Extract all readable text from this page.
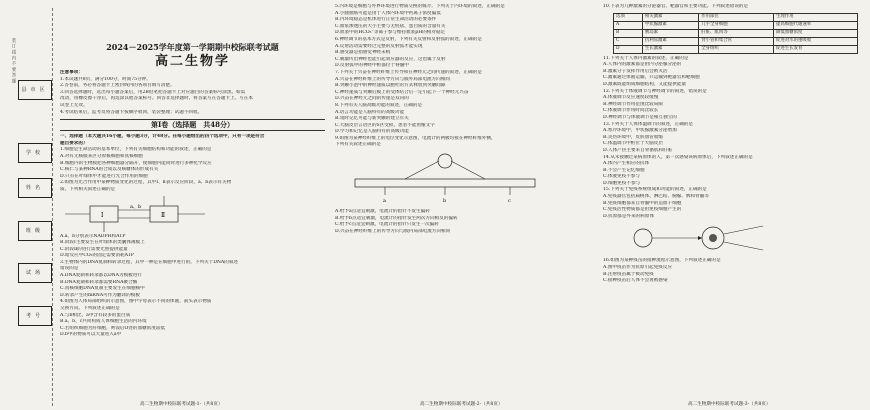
装 订 线 内 不 要 答 题
县市区
学校
姓名
班级
试场
考号

2024－2025学年度第一学期期中校际联考试题

高二生物学

注意事项：

1.本试题共8页，满分100分，时间75分钟。

2.答卷前，务必将答题卡上密封线内的各项目填写清楚。

3.回答选择题时，选出每小题答案后，用2B铅笔把答题卡上对应题目的答案标号涂黑。如需

改动，用橡皮擦干净后，再选涂其他答案标号。回答非选择题时，将答案写在答题卡上。写在本

试卷上无效。

4.考试结束后，监考员将答题卡按顺序收回，装袋整理；试题不回收。

第Ⅰ卷（选择题　共48分）

一、选择题（本大题共16小题，每小题3分，计48分。在每小题给出的四个选项中，只有一项是符合

题目要求的）

1.细胞是生命活动的基本单位，下列有关细胞结构和功能的叙述，正确的是

A.对有无核膜来区分原核细胞和真核细胞

B.细胞内的生物膜把各种细胞器分隔开，使细胞内能同时进行多种化学反应

C.核仁与某种RNA的合成以及核糖体的形成有关

D.只有在叶绿体中才能进行光合作用的细胞

2.如图为光合作用中某种物质变化的过程，其中Ⅰ、Ⅱ表示反应阶段，a、b表示有关物

质。下列相关叙述正确的是

Ⅰ	Ⅱ
a、b

A.a、b分别表示NADPH和ATP

B.阶段Ⅰ主要发生在叶绿体的类囊体薄膜上

C.阶段Ⅱ的进行需要光照提供能量

D.暗反应中CO₂的固定需要消耗ATP

3.生物体内的DNA复制和转录过程，其中一种是在细胞中进行的。下列关于DNA的叙述

错误的是

A.DNA复制和转录都以DNA为模板进行

B.DNA复制和转录都需要RNA聚合酶

C.真核细胞DNA复制主要发生在细胞核中

D.转录产生的mRNA可作为翻译的模板

4.如图为人体局部组织的示意图，图中字母表示不同的体液，箭头表示物质

交换方向。下列叙述正确的是

A.与b相比，a中含有较多的蛋白质

B.a、b、c共同构成人体细胞生活的内环境

C.若组织细胞为肝细胞，则饭后O处的血糖浓度较低

D.b中的物质可以大量进入a中

高二生物期中校际联考试题-1-（共8页）

5.内环境是细胞与外界环境进行物质交换的媒介。下列关于内环境的叙述，正确的是

A.小腿抽筋可能是由于人体内环境中钙离子浓度偏低

B.内环境稳态是机体进行正常生命活动的必要条件

C.血浆渗透压的大小主要与无机盐、蛋白质的含量有关

D.血浆中的HCO₃⁻等离子参与维持血浆pH的相对稳定

6.神经调节的基本方式是反射，下列有关反射和反射弧的叙述，正确的是

A.反射活动需要经过完整的反射弧才能实现

B.感受器是指感觉神经末梢

C.刺激传出神经也能引起效应器的反应，这也属于反射

D.反射弧中的神经中枢都位于脊髓中

7.下列关于兴奋在神经纤维上传导和在神经元之间传递的叙述，正确的是

A.兴奋在神经纤维上的传导方向与膜外局部电流方向相同

B.突触小泡中的神经递质以胞吐的方式释放到突触间隙

C.神经递质与突触后膜上的受体结合后一定引起下一个神经元兴奋

D.兴奋在神经元之间的传递是双向的

8.下列有关人脑高级功能的叙述，正确的是

A.语言功能是人脑特有的高级功能

B.短时记忆可能与新突触的建立有关

C.大脑皮层言语区的S区受损，患者不能看懂文字

D.学习和记忆是人脑特有的高级功能

9.如图为某神经纤维上的电位变化示意图，电流计的两极均接在神经纤维外侧，

下列有关叙述正确的是

a	b	c

A.给予a点适宜刺激，电流计的指针不发生偏转

B.给予b点适宜刺激，电流计的指针发生两次方向相反的偏转

C.给予c点适宜刺激，电流计的指针只发生一次偏转

D.兴奋在神经纤维上的传导方向与膜内局部电流方向相同

高二生物期中校际联考试题-2-（共8页）

10.下表为几种激素的分泌器官、靶器官和主要功能。下列叙述错误的是

选项	相关激素	作用部位	生理作用
A	甲状腺激素	几乎全身细胞	提高细胞代谢速率
B	胰岛素	肝脏、肌肉等	降低血糖浓度
C	抗利尿激素	肾小管和集合管	促进对水的重吸收
D	生长激素	全身组织	促进生长发育

11.下列关于人体内激素的叙述，正确的是

A.人体内的激素都是由内分泌腺分泌的

B.激素分子发挥作用后会被灭活

C.激素通过体液运输，只运输到靶器官和靶细胞

D.激素既能组成细胞结构，又能提供能量

12.下列关于体液调节与神经调节的叙述，错误的是

A.体液调节反应速度较缓慢

B.神经调节作用范围比较局限

C.体液调节作用时间比较长

D.神经调节与体液调节是相互独立的

13.下列关于人体体温调节的叙述，正确的是

A.寒冷环境中，甲状腺激素分泌增加

B.炎热环境中，皮肤血管收缩

C.体温调节中枢位于大脑皮层

D.人体产热主要来自骨骼肌和肝脏

14.从未接触过某病原体的人，第一次感染该病原体后，下列叙述正确的是

A.体内产生相应的抗体

B.不会产生记忆细胞

C.体液免疫不参与

D.细胞免疫不参与

15.下列关于免疫系统组成和功能的叙述，正确的是

A.免疫器官包括扁桃体、淋巴结、胸腺、脾和骨髓等

B.免疫细胞都来自骨髓中的造血干细胞

C.免疫活性物质都是由免疫细胞产生的

D.抗原都是外来的病原体

16.如图为某种疫苗的接种流程示意图，下列叙述正确的是

A.图中疫苗作为抗原引起免疫反应

B.注射疫苗属于被动免疫

C.接种疫苗后人体不会再被感染

高二生物期中校际联考试题-3-（共8页）
